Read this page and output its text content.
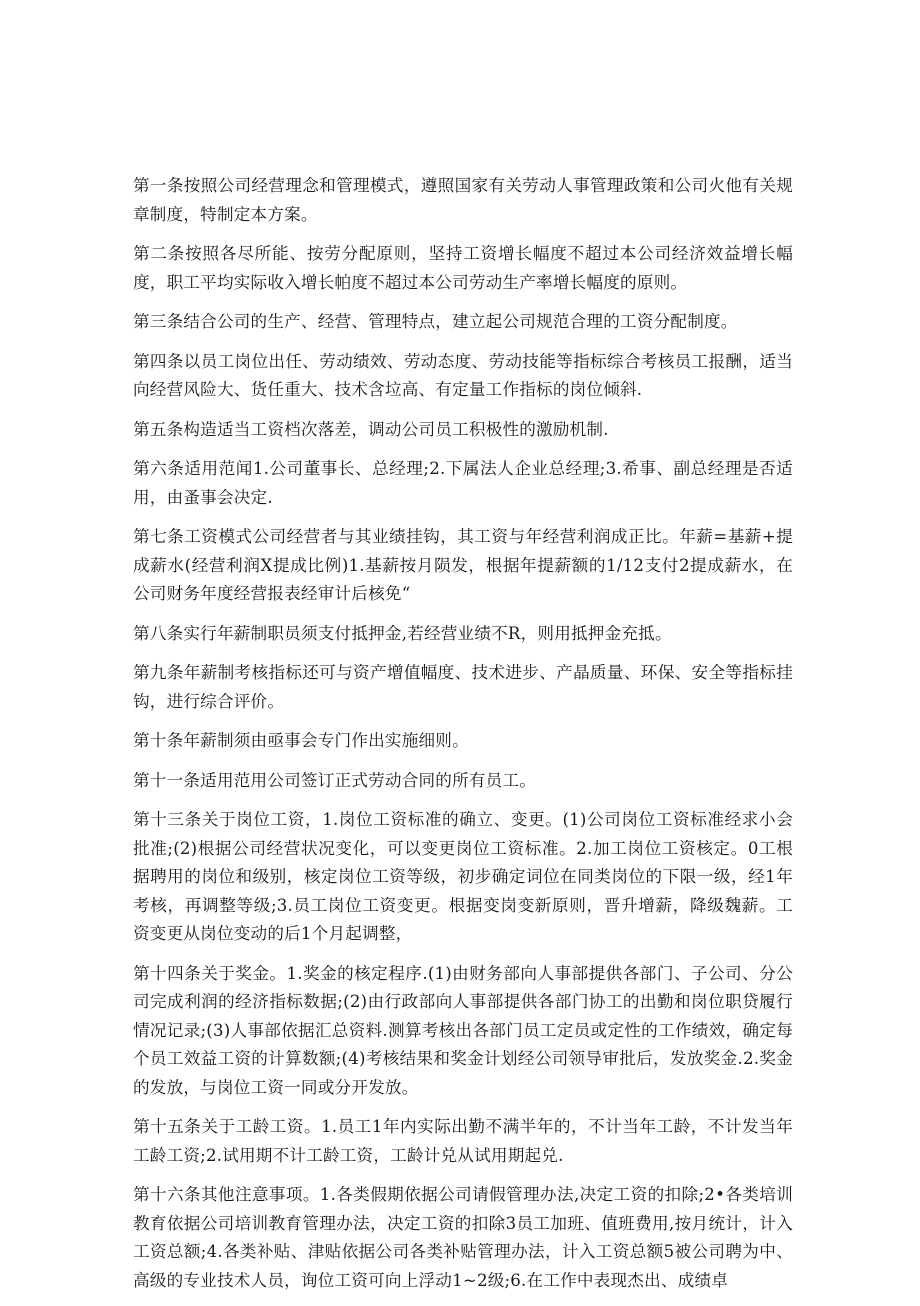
第一条按照公司经营理念和管理模式，遵照国家有关劳动人事管理政策和公司火他有关规章制度，特制定本方案。

第二条按照各尽所能、按劳分配原则，坚持工资增长幅度不超过本公司经济效益增长幅度，职工平均实际收入增长帕度不超过本公司劳动生产率增长幅度的原则。

第三条结合公司的生产、经营、管理特点，建立起公司规范合理的工资分配制度。

第四条以员工岗位出任、劳动绩效、劳动态度、劳动技能等指标综合考核员工报酬，适当向经营风险大、货任重大、技术含垃高、有定量工作指标的岗位倾斜.

第五条构造适当工资档次落差，调动公司员工积极性的激励机制.

第六条适用范闻1.公司董事长、总经理;2.下属法人企业总经理;3.希事、副总经理是否适用，由蚤事会决定.

第七条工资模式公司经营者与其业绩挂钩，其工资与年经营利润成正比。年薪=基薪+提成薪水(经营利润X提成比例)1.基薪按月陨发，根据年提薪额的1/12支付2提成薪水，在公司财务年度经营报表经审计后核免“

第八条实行年薪制职员须支付抵押金,若经营业绩不R，则用抵押金充抵。

第九条年薪制考核指标还可与资产增值幅度、技术进步、产晶质量、环保、安全等指标挂钩，进行综合评价。

第十条年薪制须由亟事会专门作出实施细则。

第十一条适用范用公司签订正式劳动合同的所有员工。

第十三条关于岗位工资，1.岗位工资标准的确立、变更。(1)公司岗位工资标准经求小会批准;(2)根据公司经营状况变化，可以变更岗位工资标准。2.加工岗位工资核定。0工根据聘用的岗位和级别，核定岗位工资等级，初步确定词位在同类岗位的下限一级，经1年考核，再调整等级;3.员工岗位工资变更。根据变岗变新原则，晋升增薪，降级魏薪。工资变更从岗位变动的后1个月起调整，

第十四条关于奖金。1.奖金的核定程序.(1)由财务部向人事部提供各部门、子公司、分公司完成利润的经济指标数据;(2)由行政部向人事部提供各部门协工的出勤和岗位职贷履行情况记录;(3)人事部依据汇总资料.测算考核出各部门员工定员或定性的工作绩效，确定每个员工效益工资的计算数额;(4)考核结果和奖金计划经公司领导审批后，发放奖金.2.奖金的发放，与岗位工资一同或分开发放。

第十五条关于工龄工资。1.员工1年内实际出勤不满半年的，不计当年工龄，不计发当年工龄工资;2.试用期不计工龄工资，工龄计兑从试用期起兑.

第十六条其他注意事项。1.各类假期依据公司请假管理办法,决定工资的扣除;2•各类培训教育依据公司培训教育管理办法，决定工资的扣除3员工加班、值班费用,按月统计，计入工资总额;4.各类补贴、津贴依据公司各类补贴管理办法，计入工资总额5被公司聘为中、高级的专业技术人员，询位工资可向上浮动1~2级;6.在工作中表现杰出、成绩卓
